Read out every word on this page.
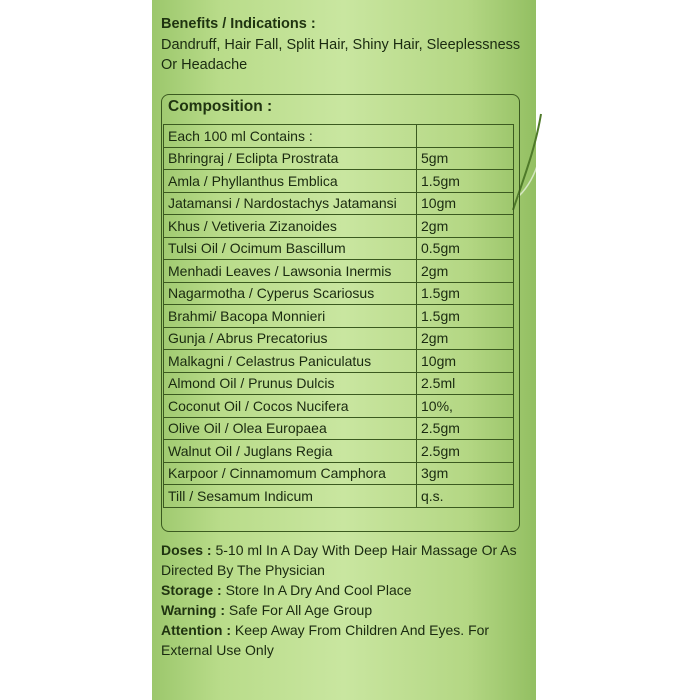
Benefits / Indications :
Dandruff, Hair Fall, Split Hair, Shiny Hair, Sleeplessness Or Headache
Composition :
Each 100 ml Contains :	
Bhringraj / Eclipta Prostrata	5gm
Amla / Phyllanthus Emblica	1.5gm
Jatamansi / Nardostachys Jatamansi	10gm
Khus / Vetiveria Zizanoides	2gm
Tulsi Oil / Ocimum Bascillum	0.5gm
Menhadi Leaves / Lawsonia Inermis	2gm
Nagarmotha / Cyperus Scariosus	1.5gm
Brahmi/ Bacopa Monnieri	1.5gm
Gunja / Abrus Precatorius	2gm
Malkagni / Celastrus Paniculatus	10gm
Almond Oil / Prunus Dulcis	2.5ml
Coconut Oil / Cocos Nucifera	10%,
Olive Oil / Olea Europaea	2.5gm
Walnut Oil / Juglans Regia	2.5gm
Karpoor / Cinnamomum Camphora	3gm
Till / Sesamum Indicum	q.s.

Doses : 5-10 ml In A Day With Deep Hair Massage Or As Directed By The Physician

Storage : Store In A Dry And Cool Place

Warning : Safe For All Age Group

Attention : Keep Away From Children And Eyes. For External Use Only
